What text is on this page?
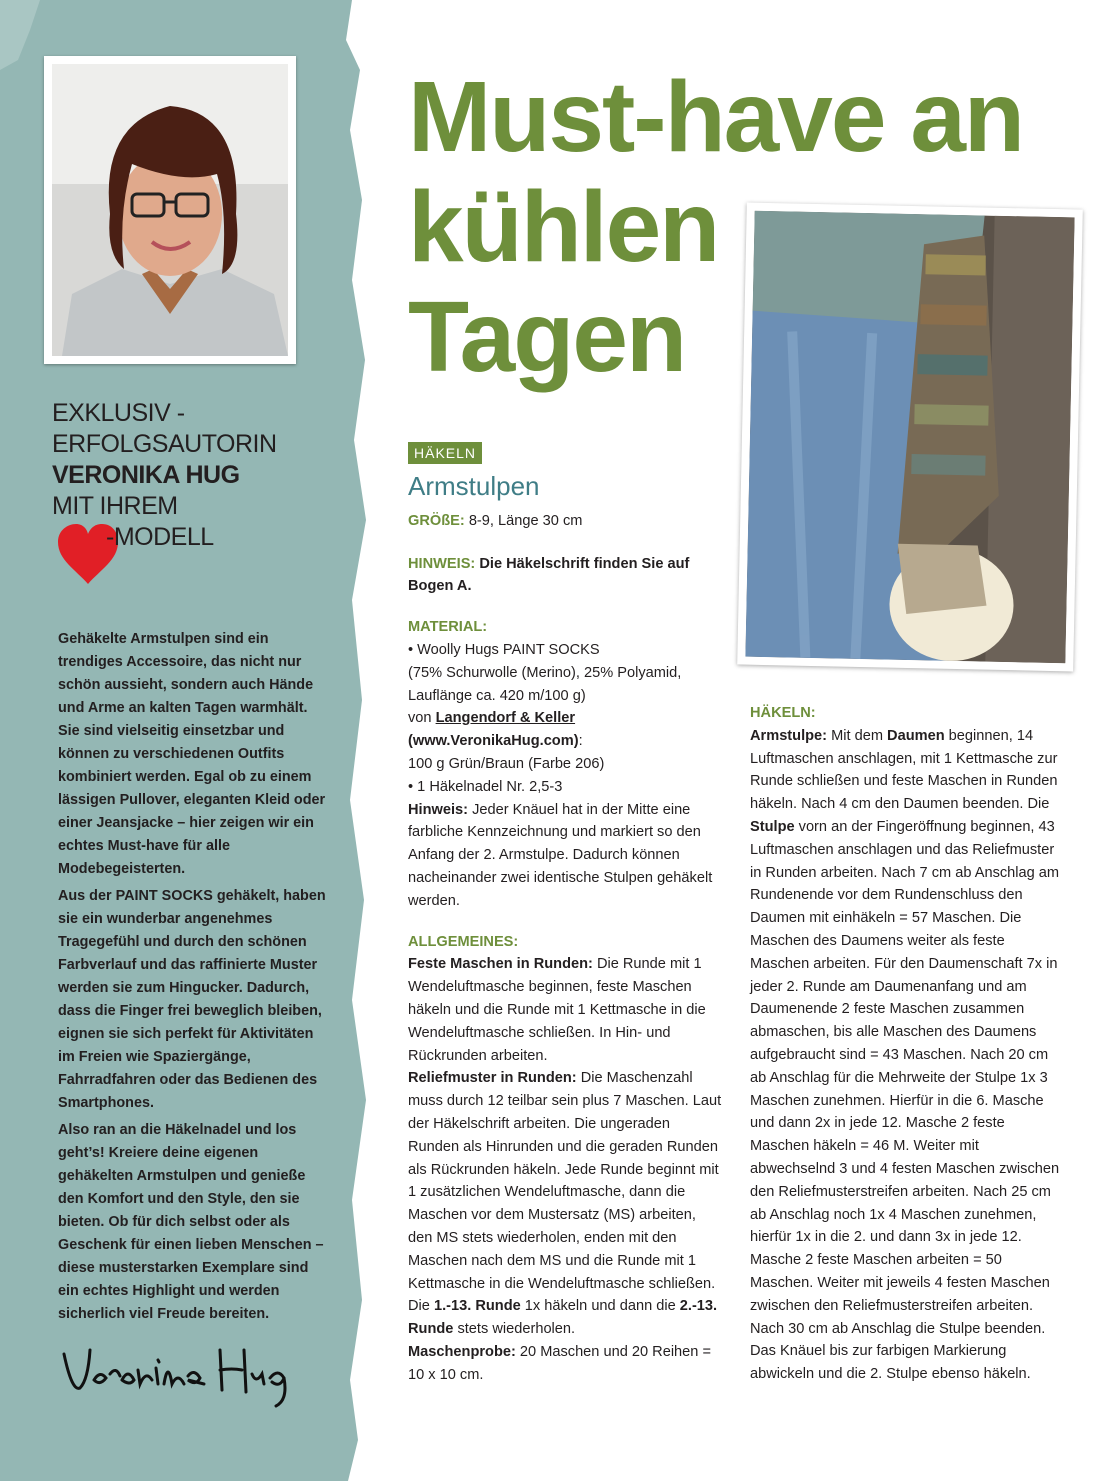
EXKLUSIV -
ERFOLGSAUTORIN
VERONIKA HUG
MIT IHREM
-MODELL

Gehäkelte Armstulpen sind ein trendiges Accessoire, das nicht nur schön aussieht, sondern auch Hände und Arme an kalten Tagen warmhält. Sie sind vielseitig einsetzbar und können zu verschiedenen Outfits kombiniert werden. Egal ob zu einem lässigen Pullover, eleganten Kleid oder einer Jeansjacke – hier zeigen wir ein echtes Must-have für alle Modebegeisterten.

Aus der PAINT SOCKS gehäkelt, haben sie ein wunderbar angenehmes Tragegefühl und durch den schönen Farbverlauf und das raffinierte Muster werden sie zum Hingucker. Dadurch, dass die Finger frei beweglich bleiben, eignen sie sich perfekt für Aktivitäten im Freien wie Spaziergänge, Fahrradfahren oder das Bedienen des Smartphones.

Also ran an die Häkelnadel und los geht’s! Kreiere deine eigenen gehäkelten Armstulpen und genieße den Komfort und den Style, den sie bieten. Ob für dich selbst oder als Geschenk für einen lieben Menschen – diese musterstarken Exemplare sind ein echtes Highlight und werden sicherlich viel Freude bereiten.

Must-have an
kühlen
Tagen
HÄKELN
Armstulpen

GRÖßE: 8-9, Länge 30 cm

HINWEIS: Die Häkelschrift finden Sie auf Bogen A.

MATERIAL:

• Woolly Hugs PAINT SOCKS

(75% Schurwolle (Merino), 25% Polyamid,

Lauflänge ca. 420 m/100 g)

von Langendorf & Keller

(www.VeronikaHug.com):

100 g Grün/Braun (Farbe 206)

• 1 Häkelnadel Nr. 2,5-3

Hinweis: Jeder Knäuel hat in der Mitte eine farbliche Kennzeichnung und markiert so den Anfang der 2. Armstulpe. Dadurch können nacheinander zwei identische Stulpen gehäkelt werden.

ALLGEMEINES:

Feste Maschen in Runden: Die Runde mit 1 Wendeluftmasche beginnen, feste Maschen häkeln und die Runde mit 1 Kettmasche in die Wendeluftmasche schließen. In Hin- und Rückrunden arbeiten.

Reliefmuster in Runden: Die Maschenzahl muss durch 12 teilbar sein plus 7 Maschen. Laut der Häkelschrift arbeiten. Die ungeraden Runden als Hinrunden und die geraden Runden als Rückrunden häkeln. Jede Runde beginnt mit 1 zusätzlichen Wendeluftmasche, dann die Maschen vor dem Mustersatz (MS) arbeiten, den MS stets wiederholen, enden mit den Maschen nach dem MS und die Runde mit 1 Kettmasche in die Wendeluftmasche schließen. Die 1.-13. Runde 1x häkeln und dann die 2.-13. Runde stets wiederholen.

Maschenprobe: 20 Maschen und 20 Reihen = 10 x 10 cm.

HÄKELN:

Armstulpe: Mit dem Daumen beginnen, 14 Luftmaschen anschlagen, mit 1 Kettmasche zur Runde schließen und feste Maschen in Runden häkeln. Nach 4 cm den Daumen beenden. Die Stulpe vorn an der Fingeröffnung beginnen, 43 Luftmaschen anschlagen und das Reliefmuster in Runden arbeiten. Nach 7 cm ab Anschlag am Rundenende vor dem Rundenschluss den Daumen mit einhäkeln = 57 Maschen. Die Maschen des Daumens weiter als feste Maschen arbeiten. Für den Daumenschaft 7x in jeder 2. Runde am Daumenanfang und am Daumenende 2 feste Maschen zusammen abmaschen, bis alle Maschen des Daumens aufgebraucht sind = 43 Maschen. Nach 20 cm ab Anschlag für die Mehrweite der Stulpe 1x 3 Maschen zunehmen. Hierfür in die 6. Masche und dann 2x in jede 12. Masche 2 feste Maschen häkeln = 46 M. Weiter mit abwechselnd 3 und 4 festen Maschen zwischen den Reliefmusterstreifen arbeiten. Nach 25 cm ab Anschlag noch 1x 4 Maschen zunehmen, hierfür 1x in die 2. und dann 3x in jede 12. Masche 2 feste Maschen arbeiten = 50 Maschen. Weiter mit jeweils 4 festen Maschen zwischen den Reliefmusterstreifen arbeiten. Nach 30 cm ab Anschlag die Stulpe beenden. Das Knäuel bis zur farbigen Markierung abwickeln und die 2. Stulpe ebenso häkeln.
